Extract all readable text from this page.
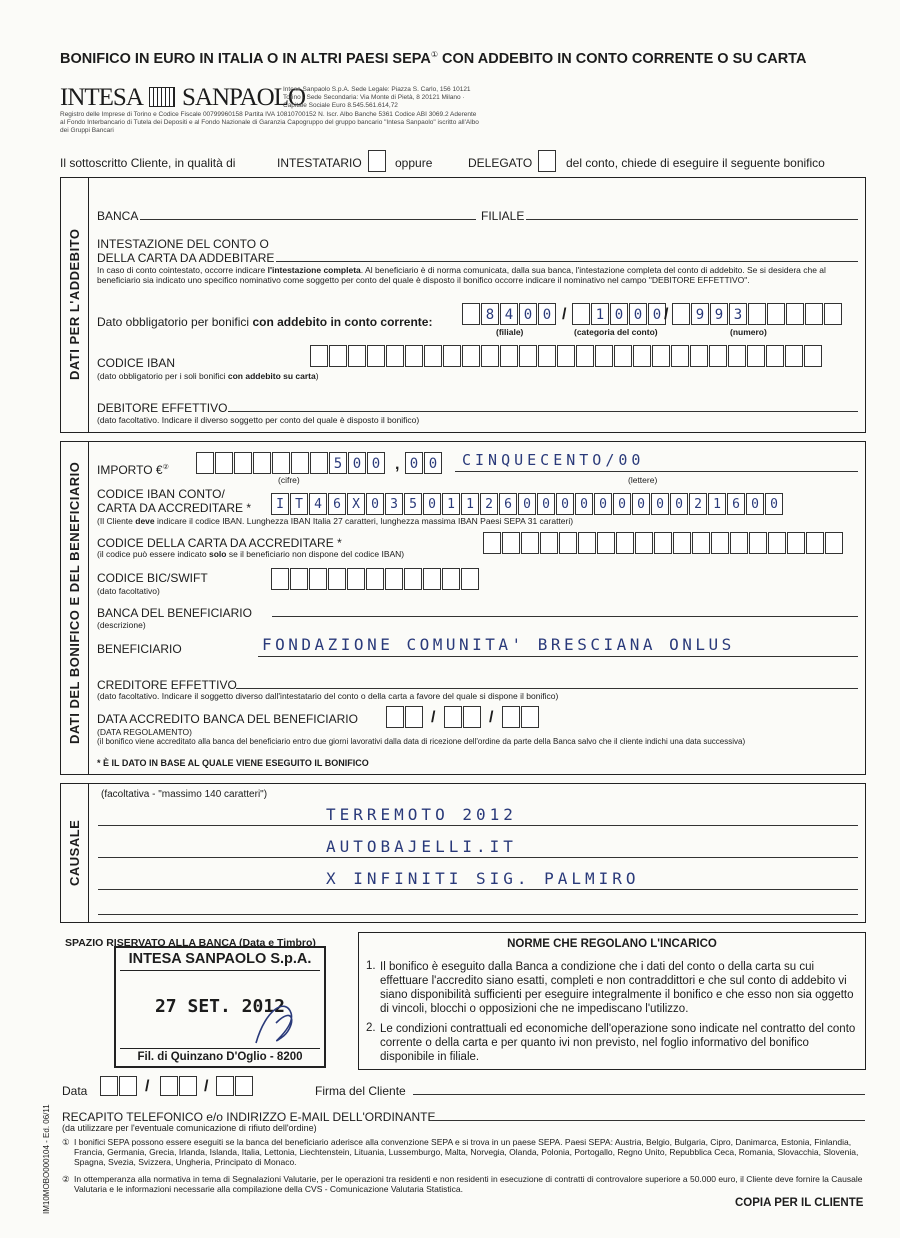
BONIFICO IN EURO IN ITALIA O IN ALTRI PAESI SEPA① CON ADDEBITO IN CONTO CORRENTE O SU CARTA
INTESA SANPAOLO
Intesa Sanpaolo S.p.A. Sede Legale: Piazza S. Carlo, 156 10121 Torino · Sede Secondaria: Via Monte di Pietà, 8 20121 Milano · Capitale Sociale Euro 8.545.561.614,72
Registro delle Imprese di Torino e Codice Fiscale 00799960158 Partita IVA 10810700152 N. Iscr. Albo Banche 5361 Codice ABI 3069.2 Aderente al Fondo Interbancario di Tutela dei Depositi e al Fondo Nazionale di Garanzia Capogruppo del gruppo bancario "Intesa Sanpaolo" iscritto all'Albo dei Gruppi Bancari
Il sottoscritto Cliente, in qualità di	INTESTATARIO	oppure	DELEGATO	del conto, chiede di eseguire il seguente bonifico
DATI PER L'ADDEBITO
BANCA	FILIALE
INTESTAZIONE DEL CONTO O
DELLA CARTA DA ADDEBITARE
In caso di conto cointestato, occorre indicare l'intestazione completa. Al beneficiario è di norma comunicata, dalla sua banca, l'intestazione completa del conto di addebito. Se si desidera che al beneficiario sia indicato uno specifico nominativo come soggetto per conto del quale è disposto il bonifico occorre indicare il nominativo nel campo "DEBITORE EFFETTIVO".
Dato obbligatorio per bonifici con addebito in conto corrente:	8 4 0 0 / 1 0 0 0 / 9 9 3
(filiale)	(categoria del conto)	(numero)
CODICE IBAN
(dato obbligatorio per i soli bonifici con addebito su carta)
DEBITORE EFFETTIVO
(dato facoltativo. Indicare il diverso soggetto per conto del quale è disposto il bonifico)
DATI DEL BONIFICO E DEL BENEFICIARIO IMPORTO €②	5 0 0 , 0 0 CINQUECENTO/00
(cifre)	(lettere)
CODICE IBAN CONTO/
CARTA DA ACCREDITARE *	I T 4 6 X 0 3 5 0 1 1 2 6 0 0 0 0 0 0 0 0 0 2 1 6 0 0
(Il Cliente deve indicare il codice IBAN. Lunghezza IBAN Italia 27 caratteri, lunghezza massima IBAN Paesi SEPA 31 caratteri)
CODICE DELLA CARTA DA ACCREDITARE *
(il codice può essere indicato solo se il beneficiario non dispone del codice IBAN)
CODICE BIC/SWIFT
(dato facoltativo)
BANCA DEL BENEFICIARIO
(descrizione)
BENEFICIARIO	FONDAZIONE COMUNITA' BRESCIANA ONLUS
CREDITORE EFFETTIVO
(dato facoltativo. Indicare il soggetto diverso dall'intestatario del conto o della carta a favore del quale si dispone il bonifico)
DATA ACCREDITO BANCA DEL BENEFICIARIO	/	/
(DATA REGOLAMENTO)
(il bonifico viene accreditato alla banca del beneficiario entro due giorni lavorativi dalla data di ricezione dell'ordine da parte della Banca salvo che il cliente indichi una data successiva)
* È IL DATO IN BASE AL QUALE VIENE ESEGUITO IL BONIFICO
CAUSALE
(facoltativa - "massimo 140 caratteri")
TERREMOTO 2012
AUTOBAJELLI.IT
X INFINITI SIG. PALMIRO
SPAZIO RISERVATO ALLA BANCA (Data e Timbro)
INTESA SANPAOLO S.p.A.
27 SET. 2012
Fil. di Quinzano D'Oglio - 8200
NORME CHE REGOLANO L'INCARICO
1. Il bonifico è eseguito dalla Banca a condizione che i dati del conto o della carta su cui effettuare l'accredito siano esatti, completi e non contraddittori e che sul conto di addebito vi siano disponibilità sufficienti per eseguire integralmente il bonifico e che esso non sia oggetto di vincoli, blocchi o opposizioni che ne impediscano l'utilizzo.
2. Le condizioni contrattuali ed economiche dell'operazione sono indicate nel contratto del conto corrente o della carta e per quanto ivi non previsto, nel foglio informativo del bonifico disponibile in filiale.
Data	/	/	Firma del Cliente
RECAPITO TELEFONICO e/o INDIRIZZO E-MAIL DELL'ORDINANTE
(da utilizzare per l'eventuale comunicazione di rifiuto dell'ordine)
① I bonifici SEPA possono essere eseguiti se la banca del beneficiario aderisce alla convenzione SEPA e si trova in un paese SEPA. Paesi SEPA: Austria, Belgio, Bulgaria, Cipro, Danimarca, Estonia, Finlandia, Francia, Germania, Grecia, Irlanda, Islanda, Italia, Lettonia, Liechtenstein, Lituania, Lussemburgo, Malta, Norvegia, Olanda, Polonia, Portogallo, Regno Unito, Repubblica Ceca, Romania, Slovacchia, Slovenia, Spagna, Svezia, Svizzera, Ungheria, Principato di Monaco.
② In ottemperanza alla normativa in tema di Segnalazioni Valutarie, per le operazioni tra residenti e non residenti in esecuzione di contratti di controvalore superiore a 50.000 euro, il Cliente deve fornire la Causale Valutaria e le informazioni necessarie alla compilazione della CVS - Comunicazione Valutaria Statistica.
COPIA PER IL CLIENTE
IM10MOBO000104 - Ed. 06/11
